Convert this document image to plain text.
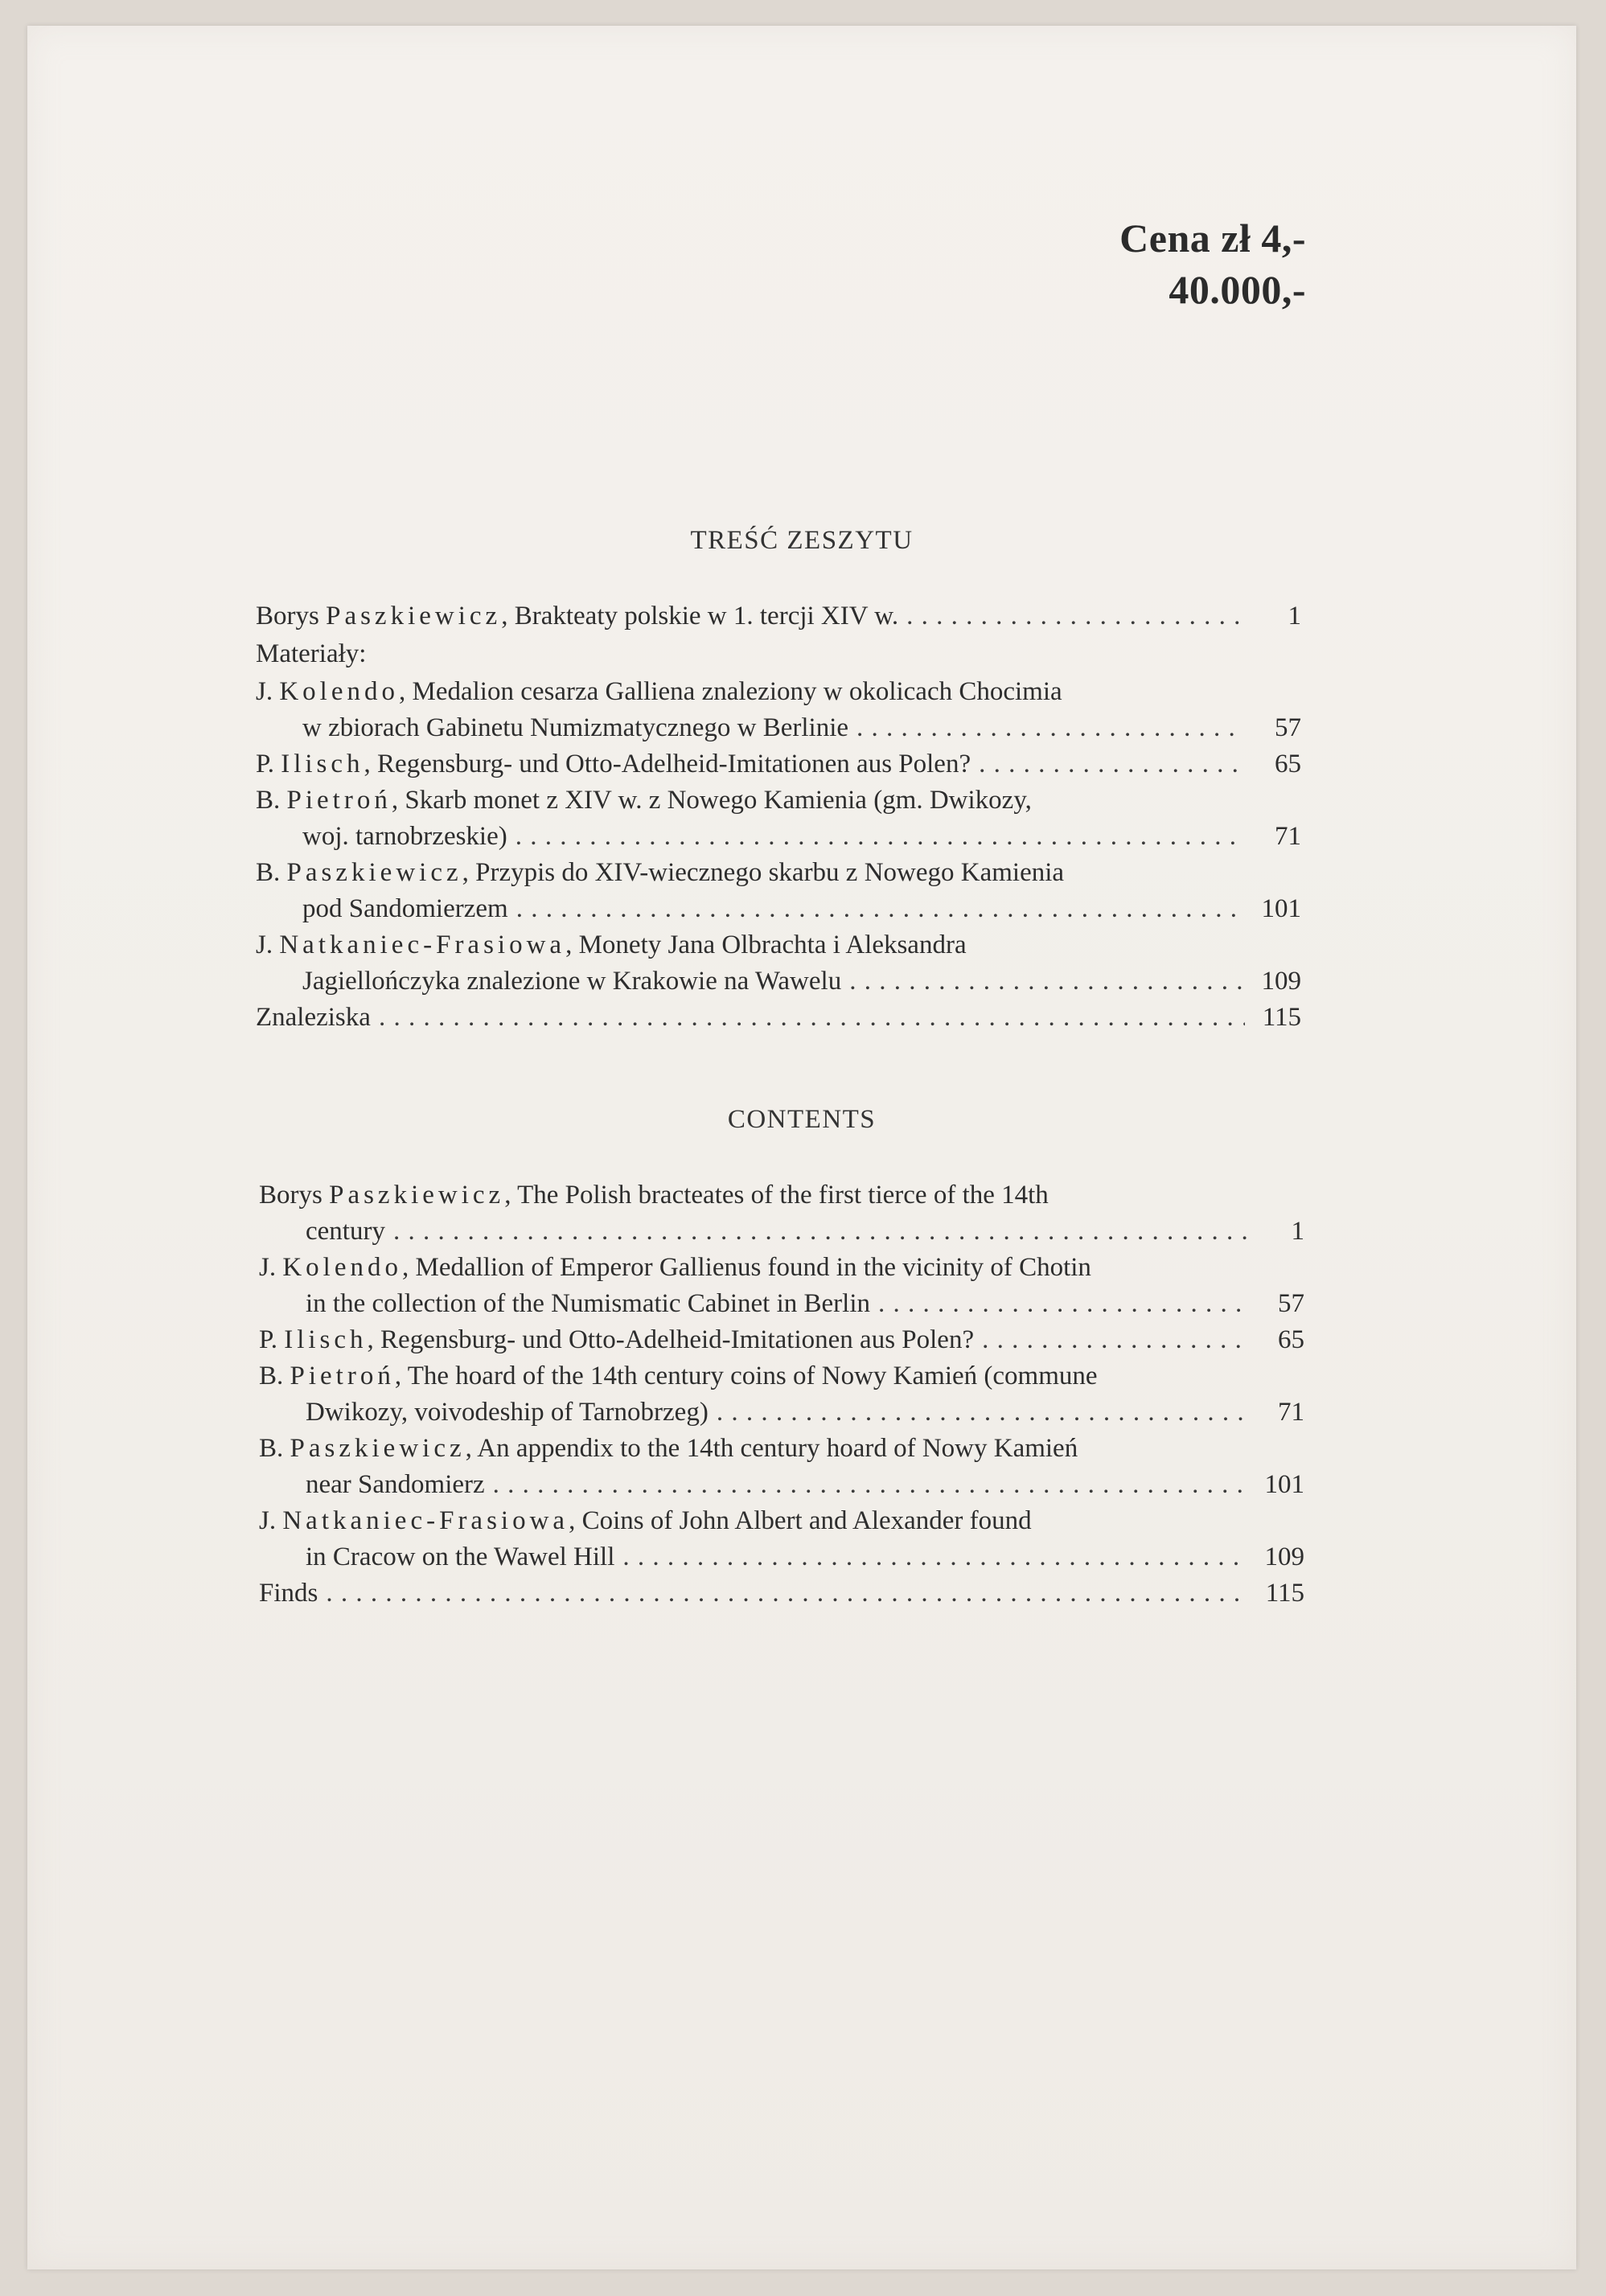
Cena zł 4,-
40.000,-
TREŚĆ ZESZYTU
Borys Paszkiewicz, Brakteaty polskie w 1. tercji XIV w. . . .	1
Materiały:
J. Kolendo, Medalion cesarza Galliena znaleziony w okolicach Chocimia
w zbiorach Gabinetu Numizmatycznego w Berlinie . . .	57
P. Ilisch, Regensburg- und Otto-Adelheid-Imitationen aus Polen? . . .	65
B. Pietroń, Skarb monet z XIV w. z Nowego Kamienia (gm. Dwikozy,
woj. tarnobrzeskie) . . .	71
B. Paszkiewicz, Przypis do XIV-wiecznego skarbu z Nowego Kamienia
pod Sandomierzem . . .	101
J. Natkaniec-Frasiowa, Monety Jana Olbrachta i Aleksandra
Jagiellończyka znalezione w Krakowie na Wawelu . . .	109
Znaleziska . . .	115
CONTENTS
Borys Paszkiewicz, The Polish bracteates of the first tierce of the 14th
century . . .	1
J. Kolendo, Medallion of Emperor Gallienus found in the vicinity of Chotin
in the collection of the Numismatic Cabinet in Berlin . . .	57
P. Ilisch, Regensburg- und Otto-Adelheid-Imitationen aus Polen? . . .	65
B. Pietroń, The hoard of the 14th century coins of Nowy Kamień (commune
Dwikozy, voivodeship of Tarnobrzeg) . . .	71
B. Paszkiewicz, An appendix to the 14th century hoard of Nowy Kamień
near Sandomierz . . .	101
J. Natkaniec-Frasiowa, Coins of John Albert and Alexander found
in Cracow on the Wawel Hill . . .	109
Finds . . .	115
